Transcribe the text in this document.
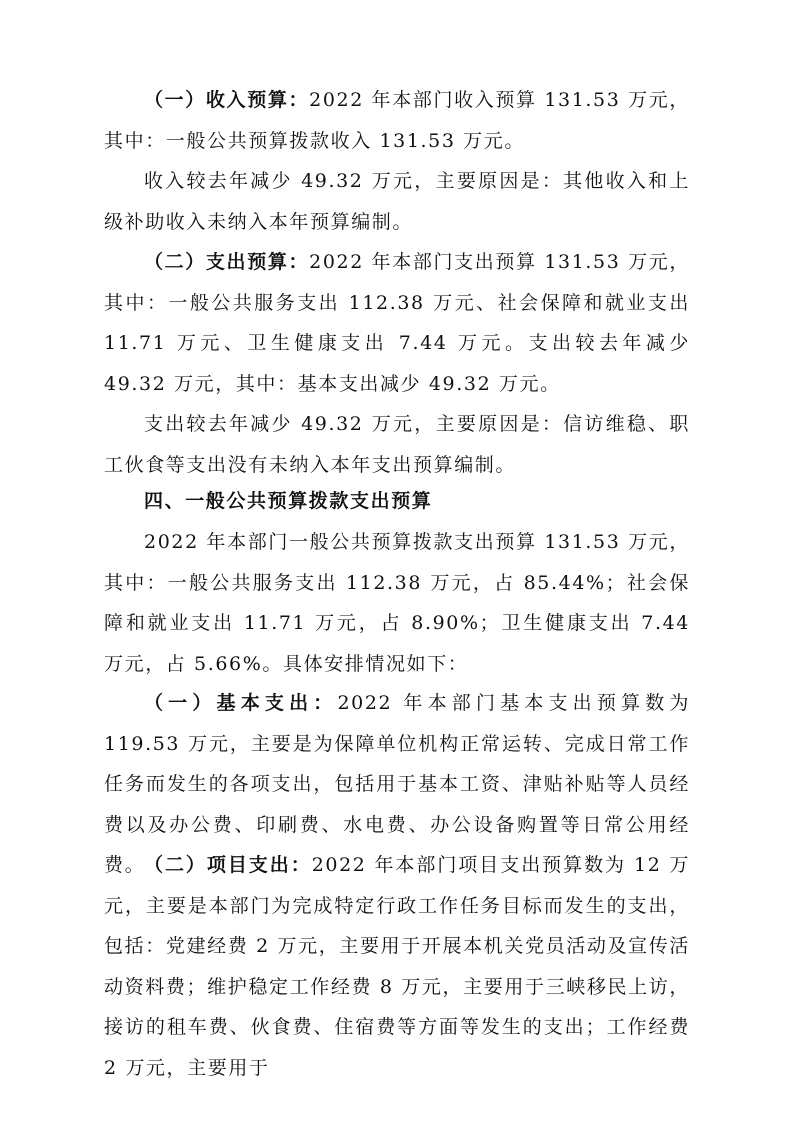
（一）收入预算：2022 年本部门收入预算 131.53 万元，其中：一般公共预算拨款收入 131.53 万元。

收入较去年减少 49.32 万元，主要原因是：其他收入和上级补助收入未纳入本年预算编制。

（二）支出预算：2022 年本部门支出预算 131.53 万元，其中：一般公共服务支出 112.38 万元、社会保障和就业支出 11.71 万元、卫生健康支出 7.44 万元。支出较去年减少 49.32 万元，其中：基本支出减少 49.32 万元。

支出较去年减少 49.32 万元，主要原因是：信访维稳、职工伙食等支出没有未纳入本年支出预算编制。

四、一般公共预算拨款支出预算

2022 年本部门一般公共预算拨款支出预算 131.53 万元，其中：一般公共服务支出 112.38 万元，占 85.44%；社会保障和就业支出 11.71 万元，占 8.90%；卫生健康支出 7.44 万元，占 5.66%。具体安排情况如下：

（一）基本支出：2022 年本部门基本支出预算数为 119.53 万元，主要是为保障单位机构正常运转、完成日常工作任务而发生的各项支出，包括用于基本工资、津贴补贴等人员经费以及办公费、印刷费、水电费、办公设备购置等日常公用经费。

（二）项目支出：2022 年本部门项目支出预算数为 12 万元，主要是本部门为完成特定行政工作任务目标而发生的支出，包括：党建经费 2 万元，主要用于开展本机关党员活动及宣传活动资料费；维护稳定工作经费 8 万元，主要用于三峡移民上访，接访的租车费、伙食费、住宿费等方面等发生的支出；工作经费 2 万元，主要用于
